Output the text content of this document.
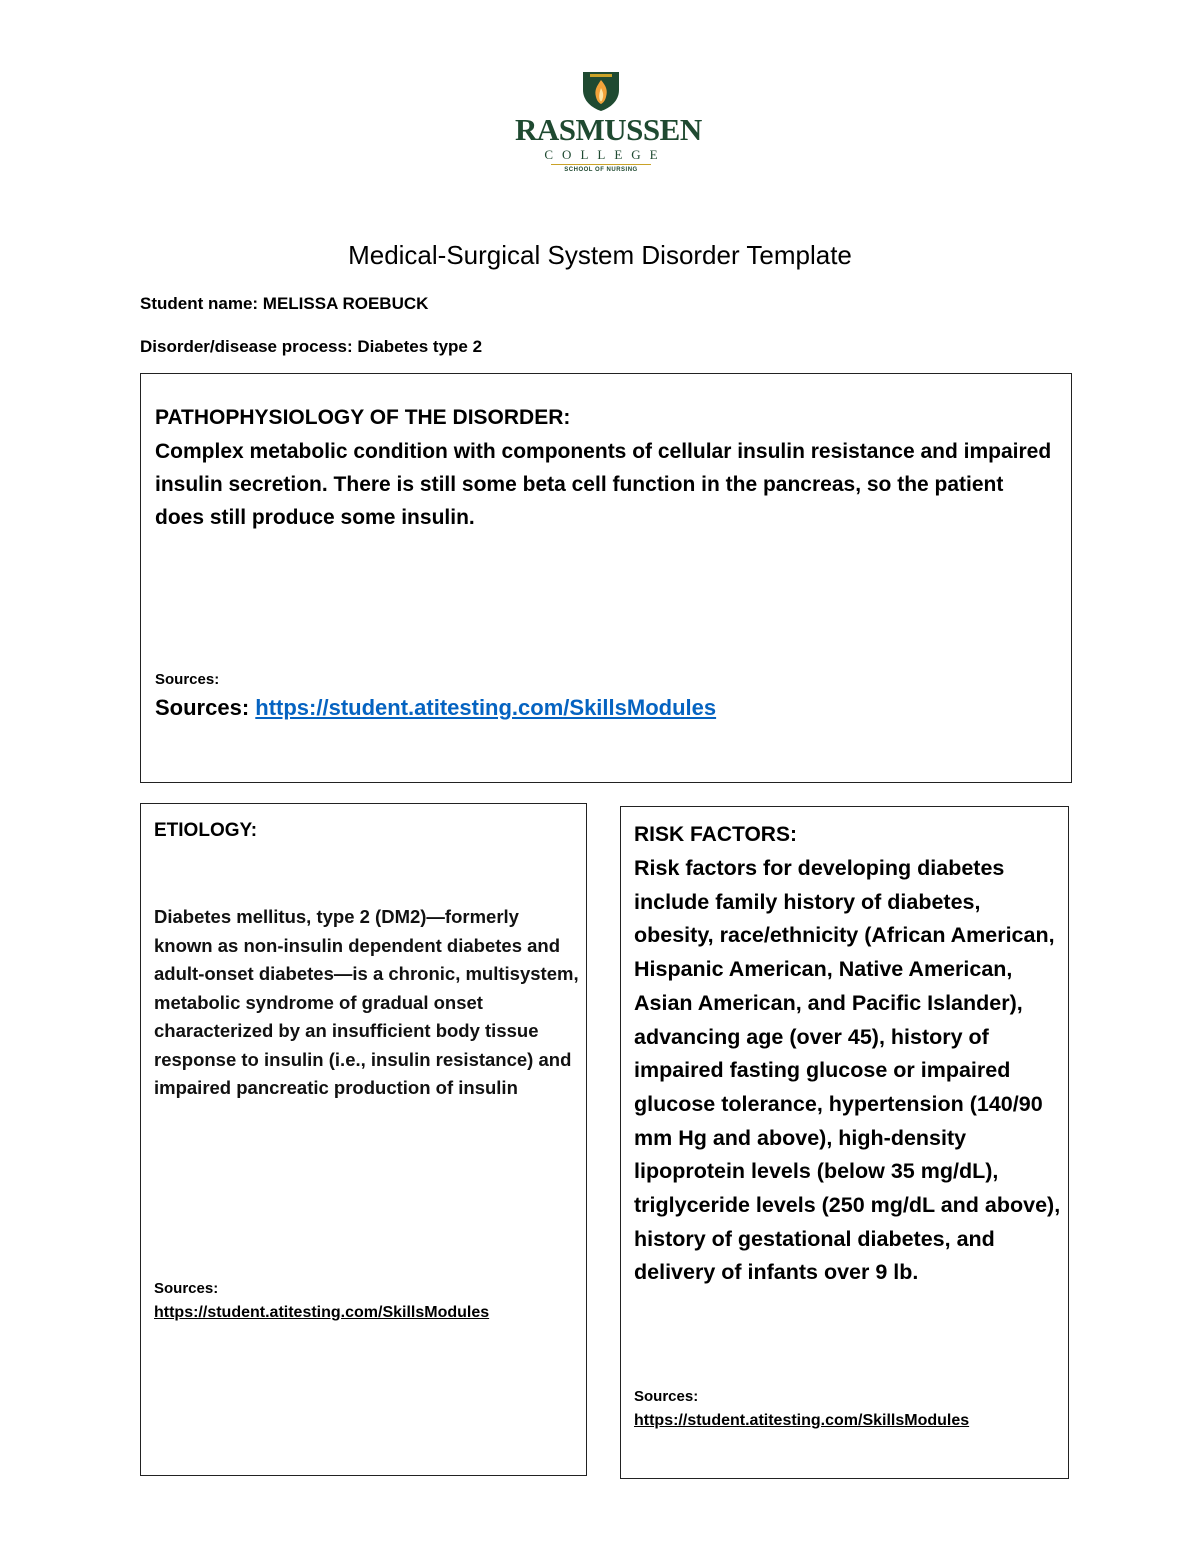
RASMUSSEN
COLLEGE
SCHOOL OF NURSING
Medical-Surgical System Disorder Template
Student name: MELISSA ROEBUCK
Disorder/disease process: Diabetes type 2
PATHOPHYSIOLOGY OF THE DISORDER:

Complex metabolic condition with components of cellular insulin resistance and impaired insulin secretion. There is still some beta cell function in the pancreas, so the patient does still produce some insulin.

Sources:
Sources: https://student.atitesting.com/SkillsModules
ETIOLOGY:

Diabetes mellitus, type 2 (DM2)—formerly known as non-insulin dependent diabetes and adult-onset diabetes—is a chronic, multisystem, metabolic syndrome of gradual onset characterized by an insufficient body tissue response to insulin (i.e., insulin resistance) and impaired pancreatic production of insulin

Sources:
https://student.atitesting.com/SkillsModules
RISK FACTORS:

Risk factors for developing diabetes include family history of diabetes, obesity, race/ethnicity (African American, Hispanic American, Native American, Asian American, and Pacific Islander), advancing age (over 45), history of impaired fasting glucose or impaired glucose tolerance, hypertension (140/90 mm Hg and above), high-density lipoprotein levels (below 35 mg/dL), triglyceride levels (250 mg/dL and above), history of gestational diabetes, and delivery of infants over 9 lb.

Sources:
https://student.atitesting.com/SkillsModules
